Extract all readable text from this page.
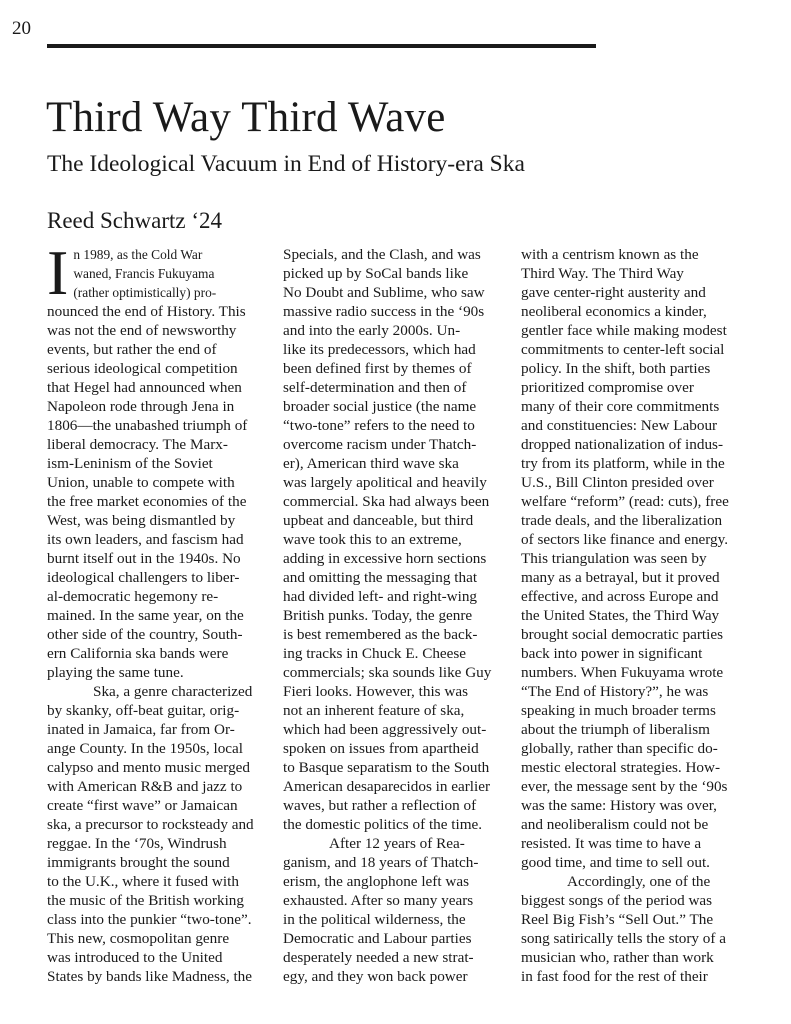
20
Third Way Third Wave
The Ideological Vacuum in End of History-era Ska
Reed Schwartz ‘24
I n 1989, as the Cold War
waned, Francis Fukuyama
(rather optimistically) pro-
nounced the end of History. This
was not the end of newsworthy
events, but rather the end of
serious ideological competition
that Hegel had announced when
Napoleon rode through Jena in
1806—the unabashed triumph of
liberal democracy. The Marx-
ism-Leninism of the Soviet
Union, unable to compete with
the free market economies of the
West, was being dismantled by
its own leaders, and fascism had
burnt itself out in the 1940s. No
ideological challengers to liber-
al-democratic hegemony re-
mained. In the same year, on the
other side of the country, South-
ern California ska bands were
playing the same tune.
Ska, a genre characterized
by skanky, off-beat guitar, orig-
inated in Jamaica, far from Or-
ange County. In the 1950s, local
calypso and mento music merged
with American R&B and jazz to
create “first wave” or Jamaican
ska, a precursor to rocksteady and
reggae. In the ‘70s, Windrush
immigrants brought the sound
to the U.K., where it fused with
the music of the British working
class into the punkier “two-tone”.
This new, cosmopolitan genre
was introduced to the United
States by bands like Madness, the
Specials, and the Clash, and was
picked up by SoCal bands like
No Doubt and Sublime, who saw
massive radio success in the ‘90s
and into the early 2000s. Un-
like its predecessors, which had
been defined first by themes of
self-determination and then of
broader social justice (the name
“two-tone” refers to the need to
overcome racism under Thatch-
er), American third wave ska
was largely apolitical and heavily
commercial. Ska had always been
upbeat and danceable, but third
wave took this to an extreme,
adding in excessive horn sections
and omitting the messaging that
had divided left- and right-wing
British punks. Today, the genre
is best remembered as the back-
ing tracks in Chuck E. Cheese
commercials; ska sounds like Guy
Fieri looks. However, this was
not an inherent feature of ska,
which had been aggressively out-
spoken on issues from apartheid
to Basque separatism to the South
American desaparecidos in earlier
waves, but rather a reflection of
the domestic politics of the time.
After 12 years of Rea-
ganism, and 18 years of Thatch-
erism, the anglophone left was
exhausted. After so many years
in the political wilderness, the
Democratic and Labour parties
desperately needed a new strat-
egy, and they won back power
with a centrism known as the
Third Way. The Third Way
gave center-right austerity and
neoliberal economics a kinder,
gentler face while making modest
commitments to center-left social
policy. In the shift, both parties
prioritized compromise over
many of their core commitments
and constituencies: New Labour
dropped nationalization of indus-
try from its platform, while in the
U.S., Bill Clinton presided over
welfare “reform” (read: cuts), free
trade deals, and the liberalization
of sectors like finance and energy.
This triangulation was seen by
many as a betrayal, but it proved
effective, and across Europe and
the United States, the Third Way
brought social democratic parties
back into power in significant
numbers. When Fukuyama wrote
“The End of History?”, he was
speaking in much broader terms
about the triumph of liberalism
globally, rather than specific do-
mestic electoral strategies. How-
ever, the message sent by the ‘90s
was the same: History was over,
and neoliberalism could not be
resisted. It was time to have a
good time, and time to sell out.
Accordingly, one of the
biggest songs of the period was
Reel Big Fish’s “Sell Out.” The
song satirically tells the story of a
musician who, rather than work
in fast food for the rest of their
